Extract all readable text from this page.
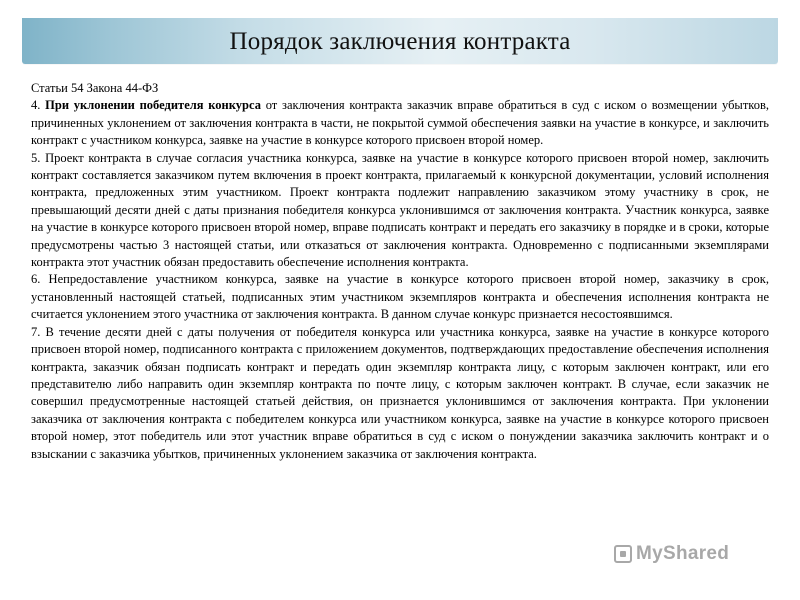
Порядок заключения контракта

Статьи 54 Закона 44-ФЗ

4. При уклонении победителя конкурса от заключения контракта заказчик вправе обратиться в суд с иском о возмещении убытков, причиненных уклонением от заключения контракта в части, не покрытой суммой обеспечения заявки на участие в конкурсе, и заключить контракт с участником конкурса, заявке на участие в конкурсе которого присвоен второй номер.

5. Проект контракта в случае согласия участника конкурса, заявке на участие в конкурсе которого присвоен второй номер, заключить контракт составляется заказчиком путем включения в проект контракта, прилагаемый к конкурсной документации, условий исполнения контракта, предложенных этим участником. Проект контракта подлежит направлению заказчиком этому участнику в срок, не превышающий десяти дней с даты признания победителя конкурса уклонившимся от заключения контракта. Участник конкурса, заявке на участие в конкурсе которого присвоен второй номер, вправе подписать контракт и передать его заказчику в порядке и в сроки, которые предусмотрены частью 3 настоящей статьи, или отказаться от заключения контракта. Одновременно с подписанными экземплярами контракта этот участник обязан предоставить обеспечение исполнения контракта.

6. Непредоставление участником конкурса, заявке на участие в конкурсе которого присвоен второй номер, заказчику в срок, установленный настоящей статьей, подписанных этим участником экземпляров контракта и обеспечения исполнения контракта не считается уклонением этого участника от заключения контракта. В данном случае конкурс признается несостоявшимся.

7. В течение десяти дней с даты получения от победителя конкурса или участника конкурса, заявке на участие в конкурсе которого присвоен второй номер, подписанного контракта с приложением документов, подтверждающих предоставление обеспечения исполнения контракта, заказчик обязан подписать контракт и передать один экземпляр контракта лицу, с которым заключен контракт, или его представителю либо направить один экземпляр контракта по почте лицу, с которым заключен контракт. В случае, если заказчик не совершил предусмотренные настоящей статьей действия, он признается уклонившимся от заключения контракта. При уклонении заказчика от заключения контракта с победителем конкурса или участником конкурса, заявке на участие в конкурсе которого присвоен второй номер, этот победитель или этот участник вправе обратиться в суд с иском о понуждении заказчика заключить контракт и о взыскании с заказчика убытков, причиненных уклонением заказчика от заключения контракта.

MyShared
